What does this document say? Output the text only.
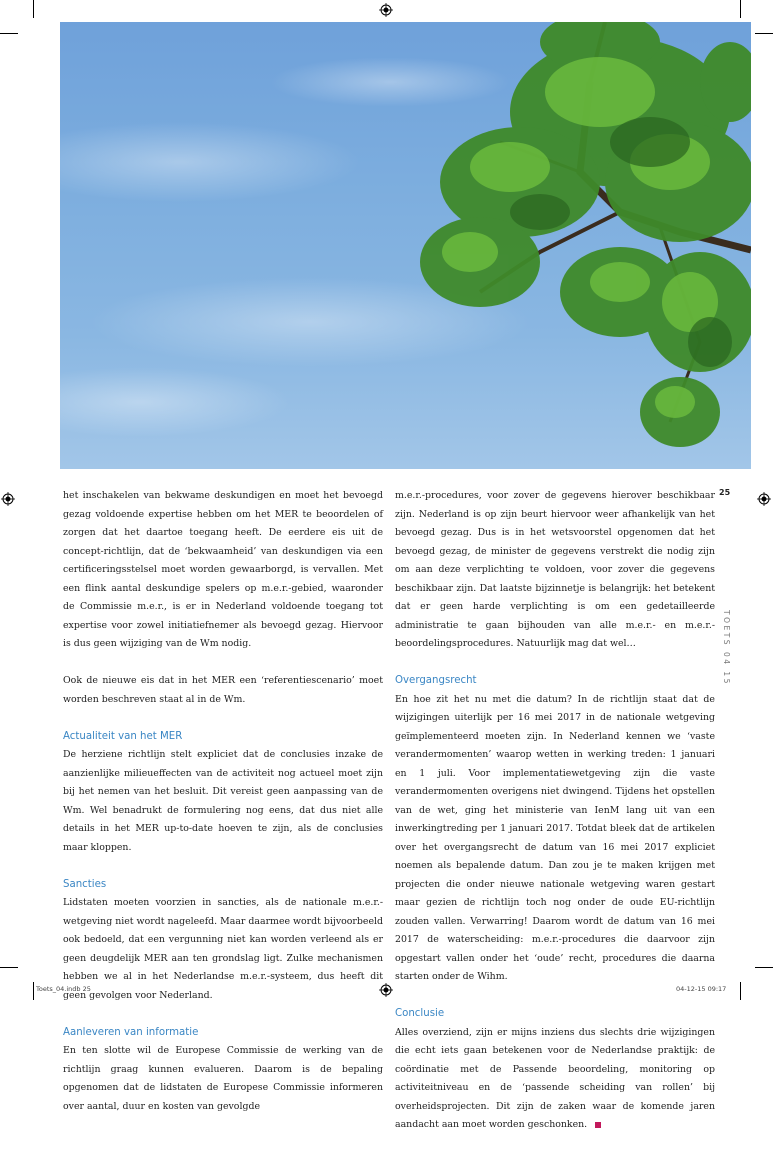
25
TOETS 04 15

het inschakelen van bekwame deskundigen en moet het bevoegd gezag voldoende expertise hebben om het MER te beoordelen of zorgen dat het daartoe toegang heeft. De eerdere eis uit de concept-richtlijn, dat de ‘bekwaamheid’ van deskundigen via een certificeringsstelsel moet worden gewaarborgd, is vervallen. Met een flink aantal deskundige spelers op m.e.r.-gebied, waaronder de Commissie m.e.r., is er in Nederland voldoende toegang tot expertise voor zowel initiatiefnemer als bevoegd gezag. Hiervoor is dus geen wijziging van de Wm nodig.

Ook de nieuwe eis dat in het MER een ‘referentiescenario’ moet worden beschreven staat al in de Wm.

Actualiteit van het MER

De herziene richtlijn stelt expliciet dat de conclusies inzake de aanzienlijke milieueffecten van de activiteit nog actueel moet zijn bij het nemen van het besluit. Dit vereist geen aanpassing van de Wm. Wel benadrukt de formulering nog eens, dat dus niet alle details in het MER up-to-date hoeven te zijn, als de conclusies maar kloppen.

Sancties

Lidstaten moeten voorzien in sancties, als de nationale m.e.r.-wetgeving niet wordt nageleefd. Maar daarmee wordt bijvoorbeeld ook bedoeld, dat een vergunning niet kan worden verleend als er geen deugdelijk MER aan ten grondslag ligt. Zulke mechanismen hebben we al in het Nederlandse m.e.r.-systeem, dus heeft dit geen gevolgen voor Nederland.

Aanleveren van informatie

En ten slotte wil de Europese Commissie de werking van de richtlijn graag kunnen evalueren. Daarom is de bepaling opgenomen dat de lidstaten de Europese Commissie informeren over aantal, duur en kosten van gevolgde

m.e.r.-procedures, voor zover de gegevens hierover beschikbaar zijn. Nederland is op zijn beurt hiervoor weer afhankelijk van het bevoegd gezag. Dus is in het wetsvoorstel opgenomen dat het bevoegd gezag, de minister de gegevens verstrekt die nodig zijn om aan deze verplichting te voldoen, voor zover die gegevens beschikbaar zijn. Dat laatste bijzinnetje is belangrijk: het betekent dat er geen harde verplichting is om een gedetailleerde administratie te gaan bijhouden van alle m.e.r.- en m.e.r.-beoordelingsprocedures. Natuurlijk mag dat wel…

Overgangsrecht

En hoe zit het nu met die datum? In de richtlijn staat dat de wijzigingen uiterlijk per 16 mei 2017 in de nationale wetgeving geïmplementeerd moeten zijn. In Nederland kennen we ‘vaste verandermomenten’ waarop wetten in werking treden: 1 januari en 1 juli. Voor implementatiewetgeving zijn die vaste verandermomenten overigens niet dwingend. Tijdens het opstellen van de wet, ging het ministerie van IenM lang uit van een inwerkingtreding per 1 januari 2017. Totdat bleek dat de artikelen over het overgangsrecht de datum van 16 mei 2017 expliciet noemen als bepalende datum. Dan zou je te maken krijgen met projecten die onder nieuwe nationale wetgeving waren gestart maar gezien de richtlijn toch nog onder de oude EU-richtlijn zouden vallen. Verwarring! Daarom wordt de datum van 16 mei 2017 de waterscheiding: m.e.r.-procedures die daarvoor zijn opgestart vallen onder het ‘oude’ recht, procedures die daarna starten onder de Wihm.

Conclusie

Alles overziend, zijn er mijns inziens dus slechts drie wijzigingen die echt iets gaan betekenen voor de Nederlandse praktijk: de coördinatie met de Passende beoordeling, monitoring op activiteitniveau en de ‘passende scheiding van rollen’ bij overheidsprojecten. Dit zijn de zaken waar de komende jaren aandacht aan moet worden geschonken.

Toets_04.indb 25	04-12-15 09:17
